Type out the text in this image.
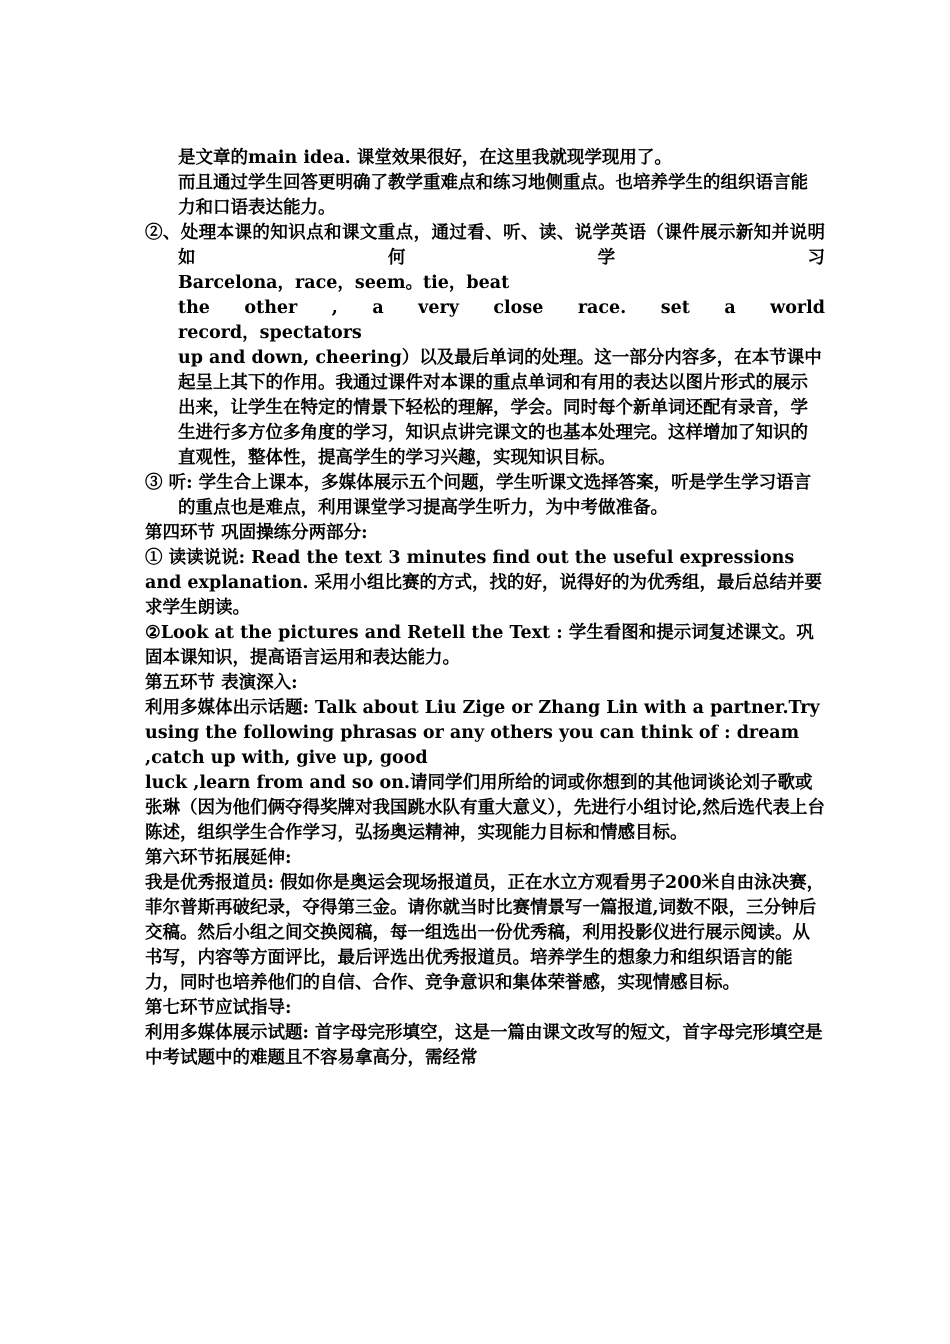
是文章的main idea. 课堂效果很好，在这里我就现学现用了。

而且通过学生回答更明确了教学重难点和练习地侧重点。也培养学生的组织语言能力和口语表达能力。

②、处理本课的知识点和课文重点，通过看、听、读、说学英语（课件展示新知并说明如何学习

Barcelona，race，seem。tie，beat

the other , a very close race. set a world

record，spectators

up and down, cheering）以及最后单词的处理。这一部分内容多，在本节课中起呈上其下的作用。我通过课件对本课的重点单词和有用的表达以图片形式的展示出来，让学生在特定的情景下轻松的理解，学会。同时每个新单词还配有录音，学生进行多方位多角度的学习，知识点讲完课文的也基本处理完。这样增加了知识的直观性，整体性，提高学生的学习兴趣，实现知识目标。

③ 听: 学生合上课本，多媒体展示五个问题，学生听课文选择答案，听是学生学习语言的重点也是难点，利用课堂学习提高学生听力，为中考做准备。

第四环节 巩固操练分两部分:

① 读读说说: Read the text 3 minutes find out the useful expressions and explanation. 采用小组比赛的方式，找的好，说得好的为优秀组，最后总结并要求学生朗读。

②Look at the pictures and Retell the Text : 学生看图和提示词复述课文。巩固本课知识，提高语言运用和表达能力。

第五环节 表演深入:

利用多媒体出示话题: Talk about Liu Zige or Zhang Lin with a partner.Try using the following phrasas or any others you can think of : dream ,catch up with, give up, good

luck ,learn from and so on.请同学们用所给的词或你想到的其他词谈论刘子歌或张琳（因为他们俩夺得奖牌对我国跳水队有重大意义），先进行小组讨论,然后选代表上台陈述，组织学生合作学习，弘扬奥运精神，实现能力目标和情感目标。

第六环节拓展延伸:

我是优秀报道员: 假如你是奥运会现场报道员，正在水立方观看男子200米自由泳决赛，菲尔普斯再破纪录，夺得第三金。请你就当时比赛情景写一篇报道,词数不限，三分钟后交稿。然后小组之间交换阅稿，每一组选出一份优秀稿，利用投影仪进行展示阅读。从书写，内容等方面评比，最后评选出优秀报道员。培养学生的想象力和组织语言的能力，同时也培养他们的自信、合作、竞争意识和集体荣誉感，实现情感目标。

第七环节应试指导:

利用多媒体展示试题: 首字母完形填空，这是一篇由课文改写的短文，首字母完形填空是中考试题中的难题且不容易拿高分，需经常
